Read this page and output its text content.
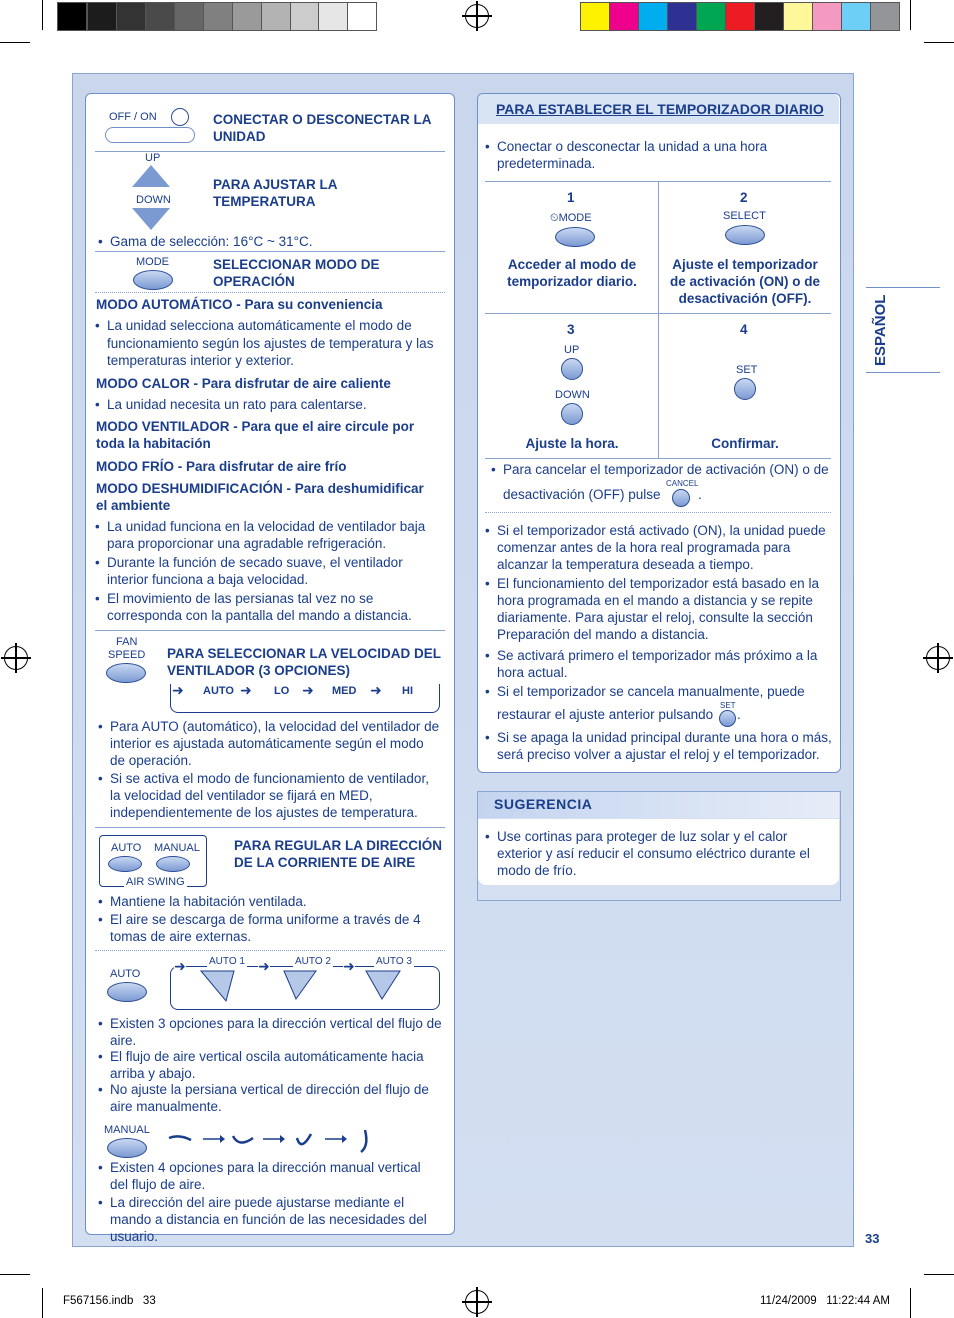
OFF / ON	CONECTAR O DESCONECTAR LA UNIDAD
UP
DOWN
PARA AJUSTAR LA TEMPERATURA
• Gama de selección: 16°C ~ 31°C.
MODE	SELECCIONAR MODO DE OPERACIÓN
MODO AUTOMÁTICO - Para su conveniencia
• La unidad selecciona automáticamente el modo de funcionamiento según los ajustes de temperatura y las temperaturas interior y exterior.
MODO CALOR - Para disfrutar de aire caliente
• La unidad necesita un rato para calentarse.
MODO VENTILADOR - Para que el aire circule por toda la habitación
MODO FRÍO - Para disfrutar de aire frío
MODO DESHUMIDIFICACIÓN - Para deshumidificar el ambiente
• La unidad funciona en la velocidad de ventilador baja para proporcionar una agradable refrigeración.
• Durante la función de secado suave, el ventilador interior funciona a baja velocidad.
• El movimiento de las persianas tal vez no se corresponda con la pantalla del mando a distancia.
FAN
SPEED PARA SELECCIONAR LA VELOCIDAD DEL VENTILADOR (3 OPCIONES)
➜ AUTO ➜ LO ➜ MED ➜ HI
• Para AUTO (automático), la velocidad del ventilador de interior es ajustada automáticamente según el modo de operación.
• Si se activa el modo de funcionamiento de ventilador, la velocidad del ventilador se fijará en MED, independientemente de los ajustes de temperatura.
AUTO MANUAL
AIR SWING
PARA REGULAR LA DIRECCIÓN DE LA CORRIENTE DE AIRE
• Mantiene la habitación ventilada.
• El aire se descarga de forma uniforme a través de 4 tomas de aire externas.
AUTO
AUTO 1	AUTO 2	AUTO 3
➜	➜	➜
• Existen 3 opciones para la dirección vertical del flujo de aire.
• El flujo de aire vertical oscila automáticamente hacia arriba y abajo.
• No ajuste la persiana vertical de dirección del flujo de aire manualmente.
MANUAL
• Existen 4 opciones para la dirección manual vertical del flujo de aire.
• La dirección del aire puede ajustarse mediante el mando a distancia en función de las necesidades del usuario.
PARA ESTABLECER EL TEMPORIZADOR DIARIO
• Conectar o desconectar la unidad a una hora predeterminada.
1
⏲MODE
Acceder al modo de temporizador diario.
2
SELECT
Ajuste el temporizador de activación (ON) o de desactivación (OFF).
3
UP
DOWN
Ajuste la hora.
4
SET
Confirmar.
• Para cancelar el temporizador de activación (ON) o de
desactivación (OFF) pulse
CANCEL
.
• Si el temporizador está activado (ON), la unidad puede comenzar antes de la hora real programada para alcanzar la temperatura deseada a tiempo.
• El funcionamiento del temporizador está basado en la hora programada en el mando a distancia y se repite diariamente. Para ajustar el reloj, consulte la sección Preparación del mando a distancia.
• Se activará primero el temporizador más próximo a la hora actual.
• Si el temporizador se cancela manualmente, puede
restaurar el ajuste anterior pulsando
SET
.
• Si se apaga la unidad principal durante una hora o más, será preciso volver a ajustar el reloj y el temporizador.
SUGERENCIA
• Use cortinas para proteger de luz solar y el calor exterior y así reducir el consumo eléctrico durante el modo de frío.
ESPAÑOL
33
F567156.indb   33	11/24/2009   11:22:44 AM
